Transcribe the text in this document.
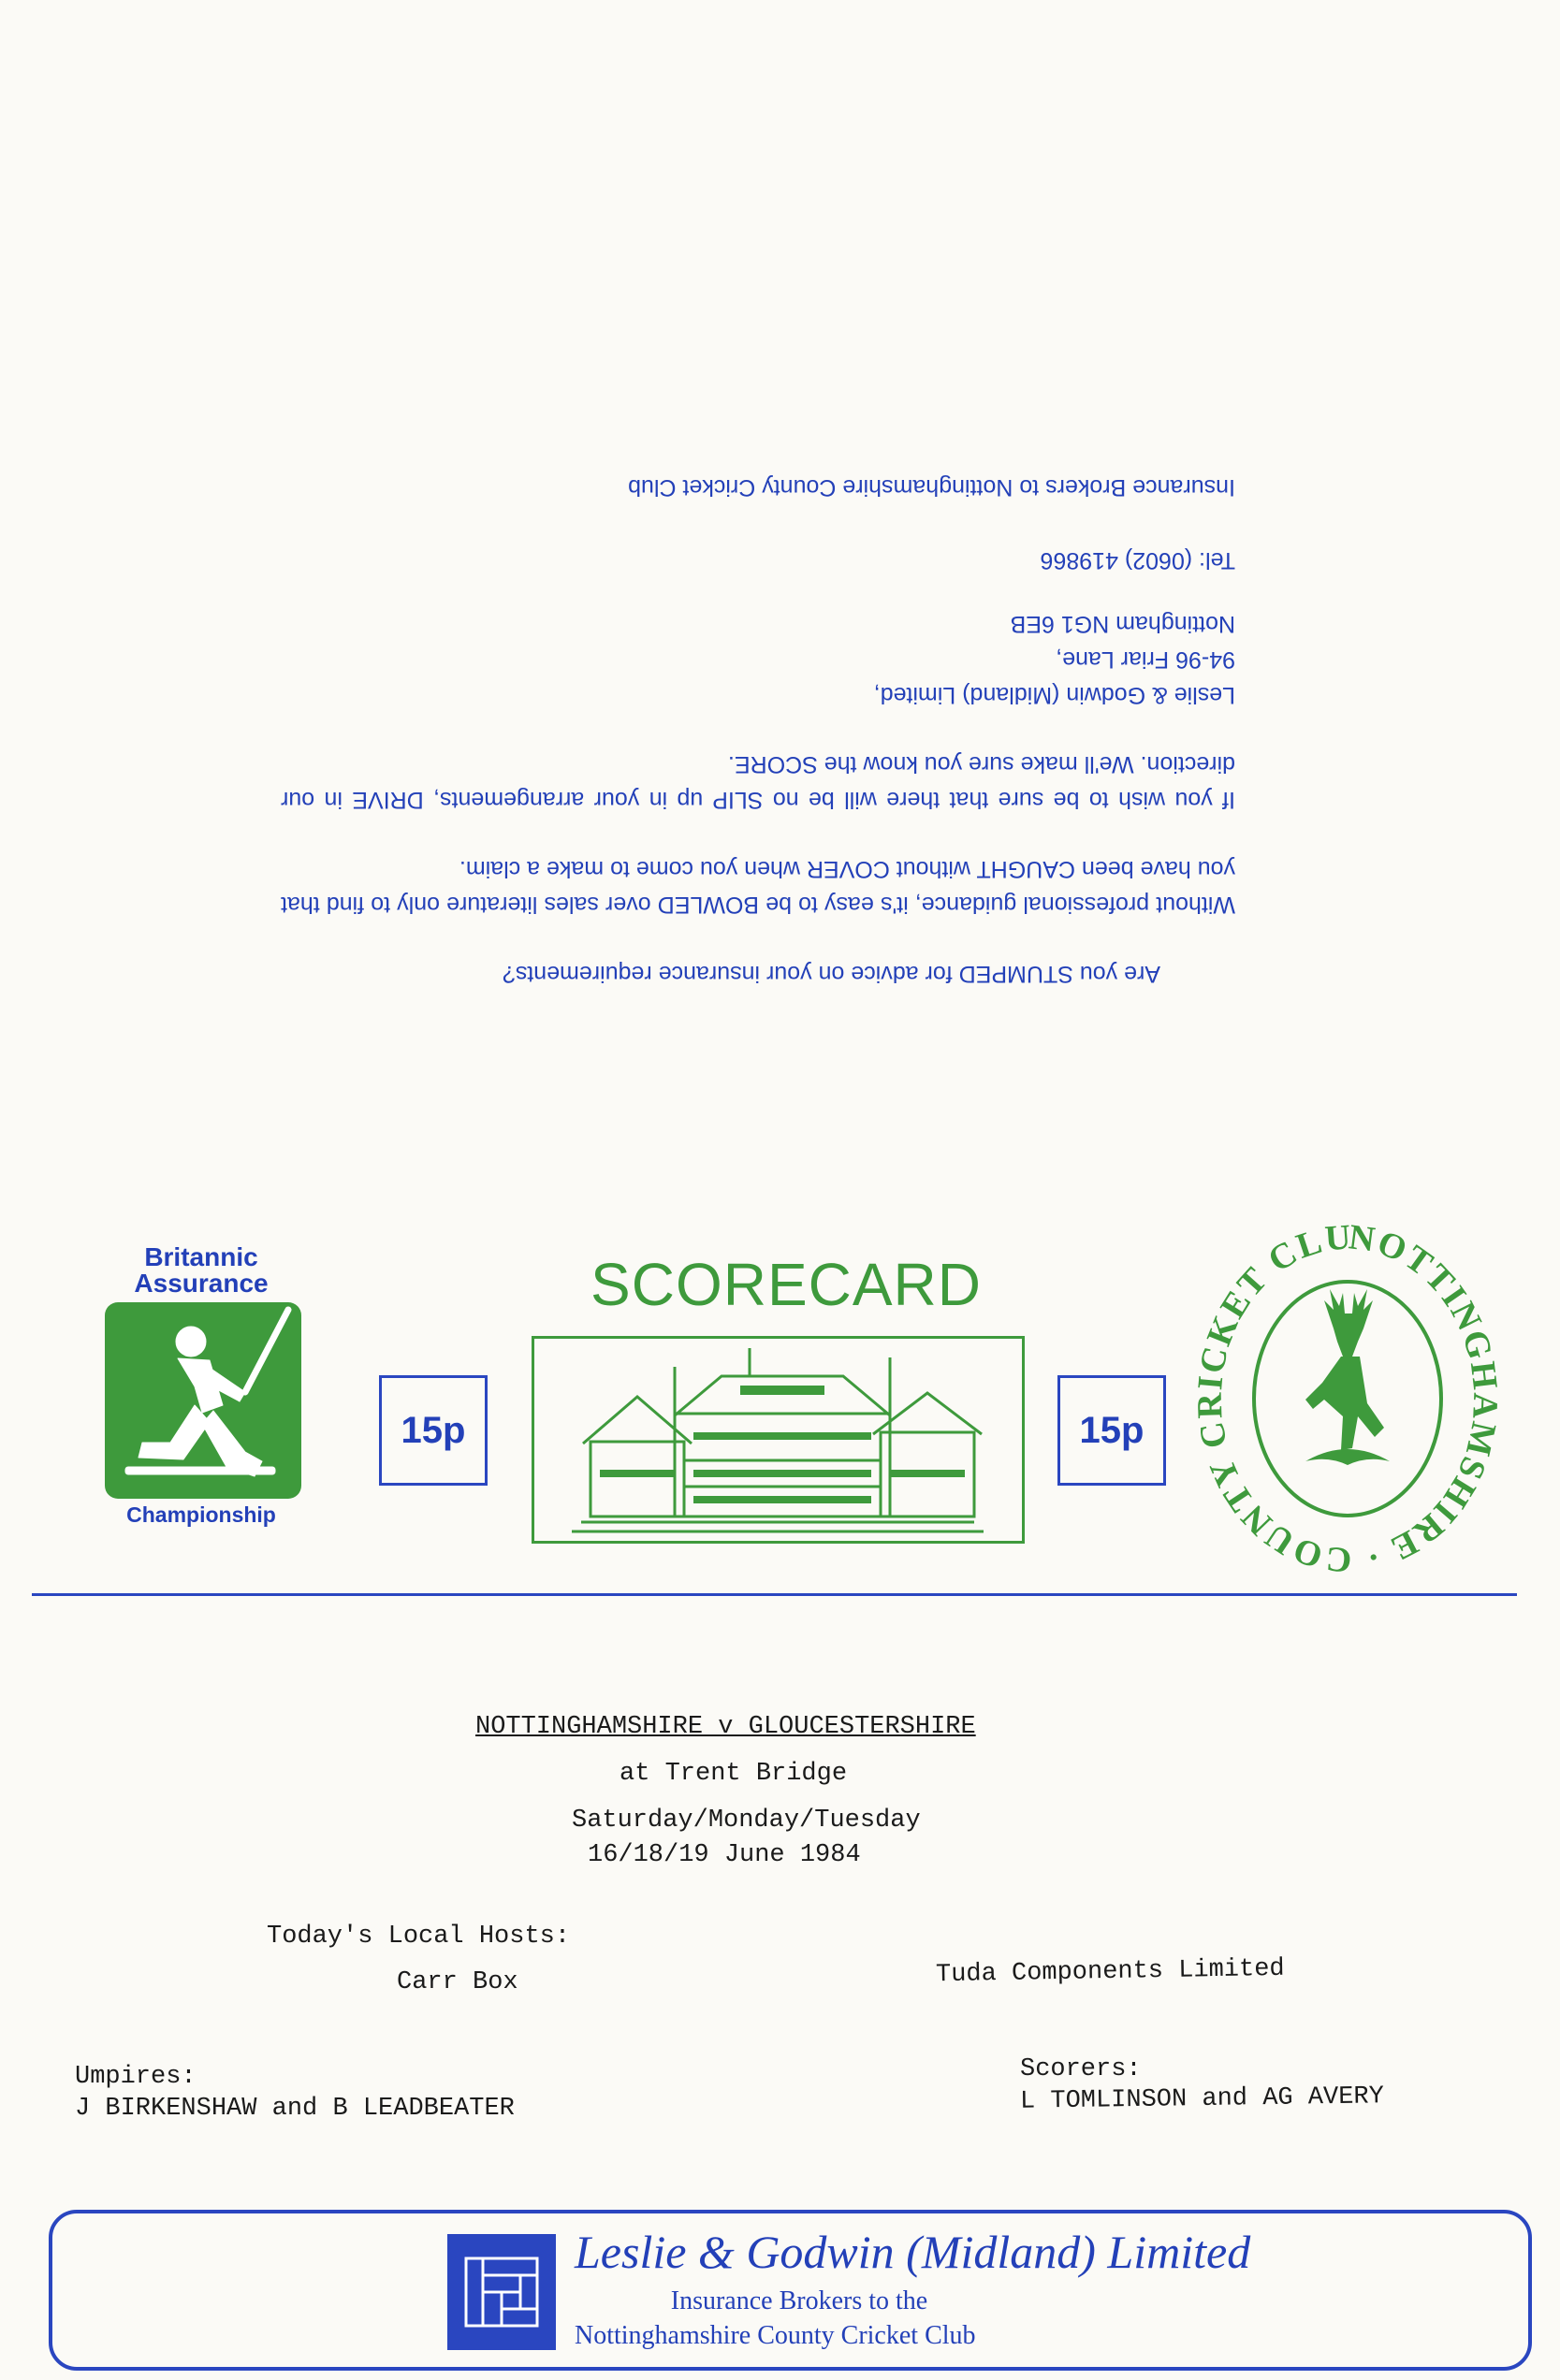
Are you STUMPED for advice on your insurance requirements?

Without professional guidance, it's easy to be BOWLED over sales literature only to find that you have been CAUGHT without COVER when you come to make a claim.

If you wish to be sure that there will be no SLIP up in your arrangements, DRIVE in our direction. We'll make sure you know the SCORE.

Leslie & Godwin (Midland) Limited,

94-96 Friar Lane,

Nottingham NG1 6EB

Tel: (0602) 419866

Insurance Brokers to Nottinghamshire County Cricket Club

Britannic
Assurance
Championship
15p
SCORECARD
15p
NOTTINGHAMSHIRE · COUNTY CRICKET CLU
NOTTINGHAMSHIRE v GLOUCESTERSHIRE
at Trent Bridge
Saturday/Monday/Tuesday
16/18/19 June 1984
Today's Local Hosts:
Carr Box	Tuda Components Limited
Umpires:
J BIRKENSHAW and B LEADBEATER
Scorers:
L TOMLINSON and AG AVERY
Leslie & Godwin (Midland) Limited
Insurance Brokers to the
Nottinghamshire County Cricket Club
